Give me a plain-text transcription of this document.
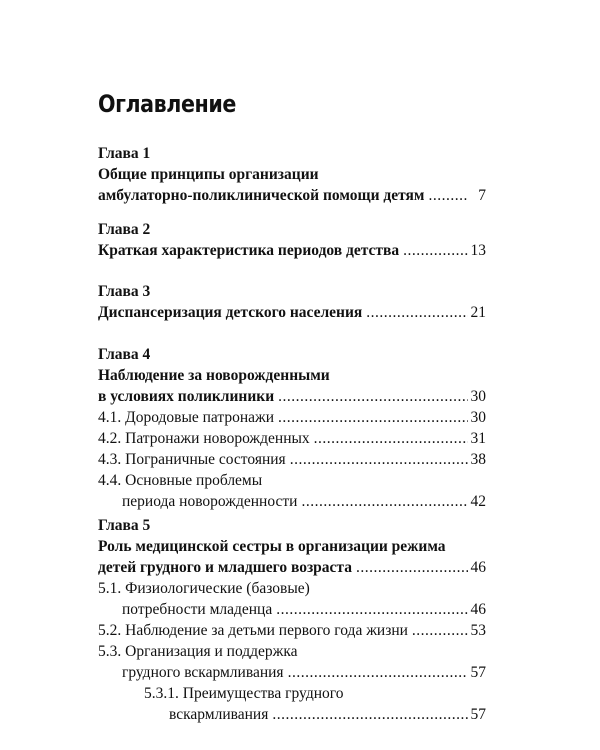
Оглавление
Глава 1
Общие принципы организации
амбулаторно-поликлинической помощи детям .....	7
Глава 2
Краткая характеристика периодов детства .....	13
Глава 3
Диспансеризация детского населения .....	21
Глава 4
Наблюдение за новорожденными
в условиях поликлиники .....	30
4.1. Дородовые патронажи .....	30
4.2. Патронажи новорожденных .....	31
4.3. Пограничные состояния .....	38
4.4. Основные проблемы
периода новорожденности .....	42
Глава 5
Роль медицинской сестры в организации режима
детей грудного и младшего возраста .....	46
5.1. Физиологические (базовые)
потребности младенца .....	46
5.2. Наблюдение за детьми первого года жизни .....	53
5.3. Организация и поддержка
грудного вскармливания .....	57
5.3.1. Преимущества грудного
вскармливания .....	57
